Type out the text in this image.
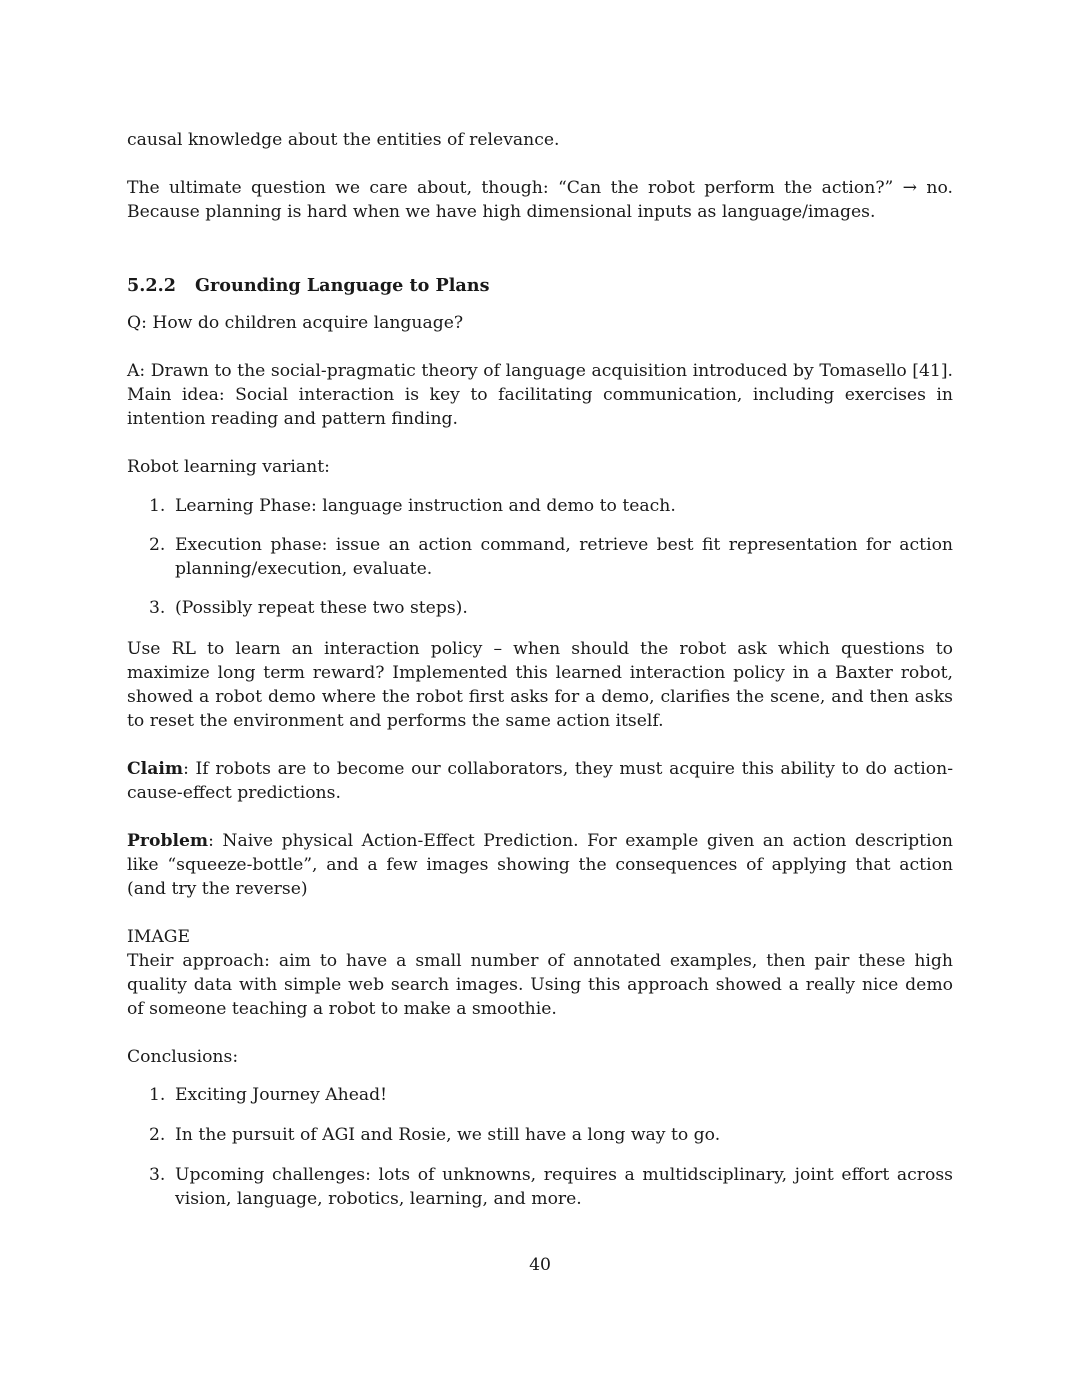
causal knowledge about the entities of relevance.

The ultimate question we care about, though: “Can the robot perform the action?” → no. Because planning is hard when we have high dimensional inputs as language/images.

5.2.2 Grounding Language to Plans

Q: How do children acquire language?

A: Drawn to the social-pragmatic theory of language acquisition introduced by Tomasello [41]. Main idea: Social interaction is key to facilitating communication, including exercises in intention reading and pattern finding.

Robot learning variant:

1. Learning Phase: language instruction and demo to teach.
2. Execution phase: issue an action command, retrieve best fit representation for action planning/execution, evaluate.
3. (Possibly repeat these two steps).

Use RL to learn an interaction policy – when should the robot ask which questions to maximize long term reward? Implemented this learned interaction policy in a Baxter robot, showed a robot demo where the robot first asks for a demo, clarifies the scene, and then asks to reset the environment and performs the same action itself.

Claim: If robots are to become our collaborators, they must acquire this ability to do action-cause-effect predictions.

Problem: Naive physical Action-Effect Prediction. For example given an action description like “squeeze-bottle”, and a few images showing the consequences of applying that action (and try the reverse)

IMAGE

Their approach: aim to have a small number of annotated examples, then pair these high quality data with simple web search images. Using this approach showed a really nice demo of someone teaching a robot to make a smoothie.

Conclusions:

1. Exciting Journey Ahead!
2. In the pursuit of AGI and Rosie, we still have a long way to go.
3. Upcoming challenges: lots of unknowns, requires a multidsciplinary, joint effort across vision, language, robotics, learning, and more.
40
